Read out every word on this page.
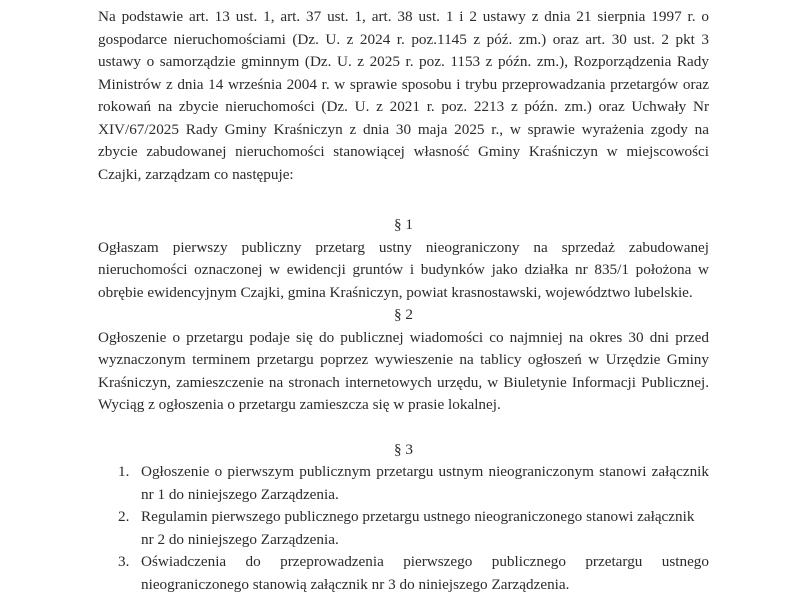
Na podstawie art. 13 ust. 1, art. 37 ust. 1, art. 38 ust. 1 i 2 ustawy z dnia 21 sierpnia 1997 r. o gospodarce nieruchomościami (Dz. U. z 2024 r. poz.1145 z póź. zm.) oraz art. 30 ust. 2 pkt 3 ustawy o samorządzie gminnym (Dz. U. z 2025 r. poz. 1153 z późn. zm.), Rozporządzenia Rady Ministrów z dnia 14 września 2004 r. w sprawie sposobu i trybu przeprowadzania przetargów oraz rokowań na zbycie nieruchomości (Dz. U. z 2021 r. poz. 2213 z późn. zm.) oraz Uchwały Nr XIV/67/2025 Rady Gminy Kraśniczyn z dnia 30 maja 2025 r., w sprawie wyrażenia zgody na zbycie zabudowanej nieruchomości stanowiącej własność Gminy Kraśniczyn w miejscowości Czajki, zarządzam co następuje:

§ 1

Ogłaszam pierwszy publiczny przetarg ustny nieograniczony na sprzedaż zabudowanej nieruchomości oznaczonej w ewidencji gruntów i budynków jako działka nr 835/1 położona w obrębie ewidencyjnym Czajki, gmina Kraśniczyn, powiat krasnostawski, województwo lubelskie.

§ 2

Ogłoszenie o przetargu podaje się do publicznej wiadomości co najmniej na okres 30 dni przed wyznaczonym terminem przetargu poprzez wywieszenie na tablicy ogłoszeń w Urzędzie Gminy Kraśniczyn, zamieszczenie na stronach internetowych urzędu, w Biuletynie Informacji Publicznej. Wyciąg z ogłoszenia o przetargu zamieszcza się w prasie lokalnej.

§ 3

1. Ogłoszenie o pierwszym publicznym przetargu ustnym nieograniczonym stanowi załącznik nr 1 do niniejszego Zarządzenia.
2. Regulamin pierwszego publicznego przetargu ustnego nieograniczonego stanowi załącznik nr 2 do niniejszego Zarządzenia.
3. Oświadczenia do przeprowadzenia pierwszego publicznego przetargu ustnego nieograniczonego stanowią załącznik nr 3 do niniejszego Zarządzenia.
